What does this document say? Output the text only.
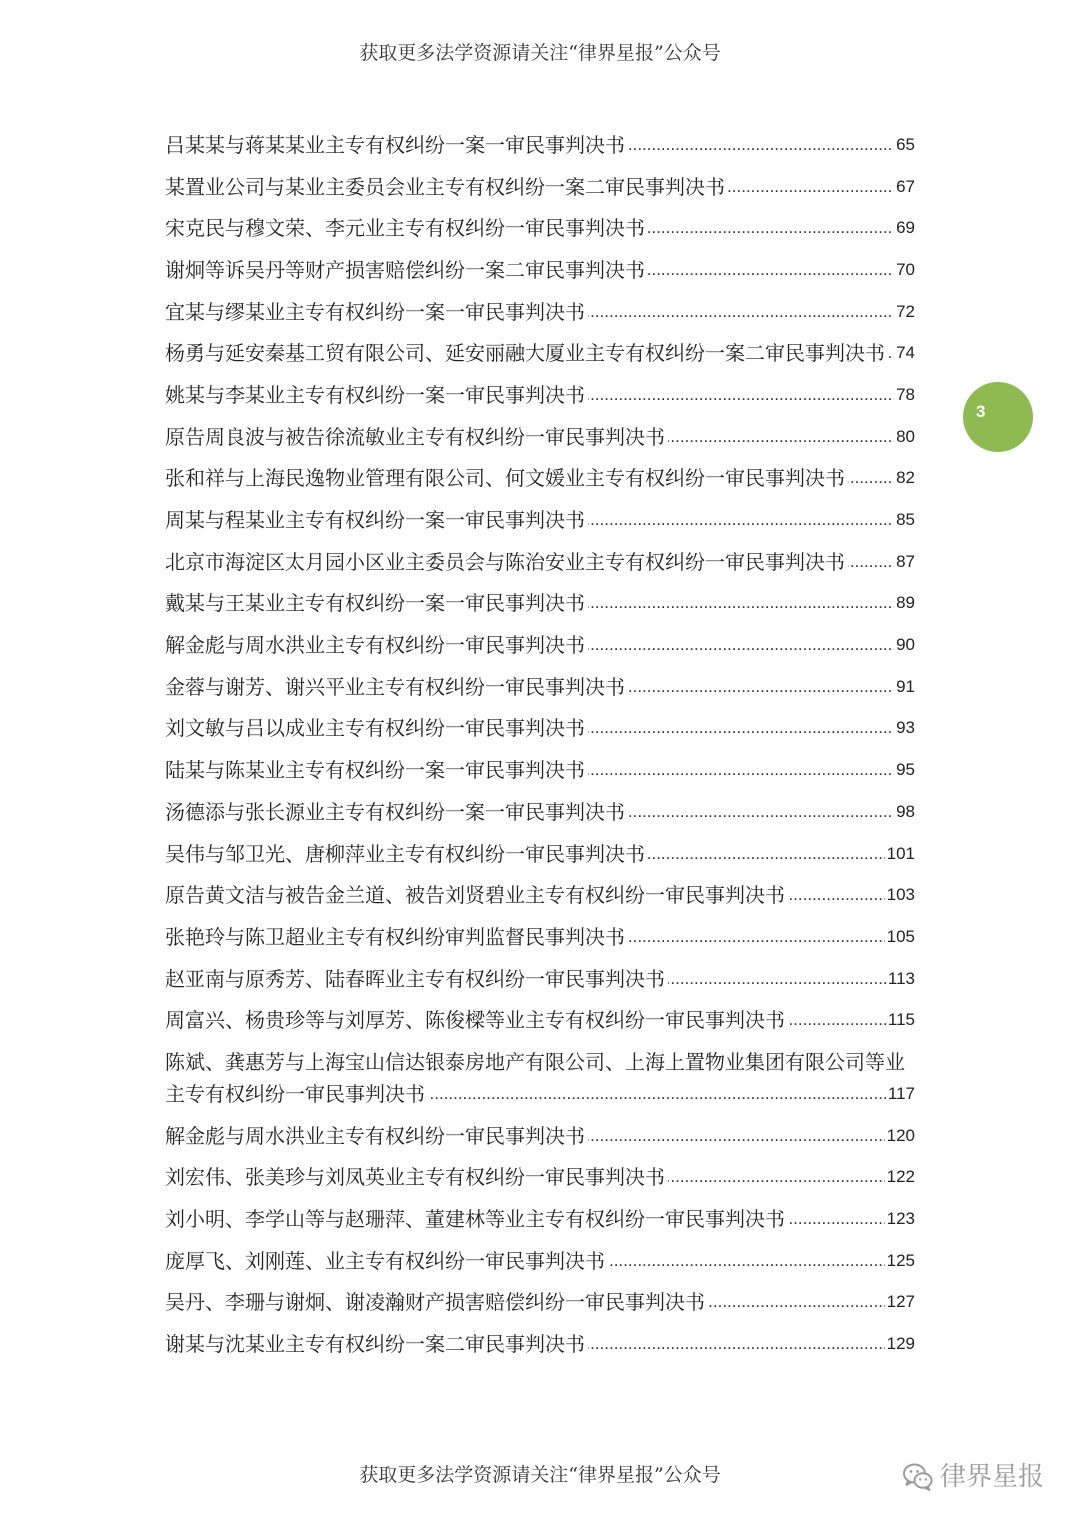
获取更多法学资源请关注“律界星报”公众号
.....
吕某某与蒋某某业主专有权纠纷一案一审民事判决书	65
.....
某置业公司与某业主委员会业主专有权纠纷一案二审民事判决书	67
.....
宋克民与穆文荣、李元业主专有权纠纷一审民事判决书	69
.....
谢炯等诉吴丹等财产损害赔偿纠纷一案二审民事判决书	70
.....
宜某与缪某业主专有权纠纷一案一审民事判决书	72
.....
杨勇与延安秦基工贸有限公司、延安丽融大厦业主专有权纠纷一案二审民事判决书 74
.....
姚某与李某业主专有权纠纷一案一审民事判决书	78
.....
原告周良波与被告徐流敏业主专有权纠纷一审民事判决书	80
.....
张和祥与上海民逸物业管理有限公司、何文媛业主专有权纠纷一审民事判决书	82
.....
周某与程某业主专有权纠纷一案一审民事判决书	85
.....
北京市海淀区太月园小区业主委员会与陈治安业主专有权纠纷一审民事判决书	87
.....
戴某与王某业主专有权纠纷一案一审民事判决书	89
.....
解金彪与周水洪业主专有权纠纷一审民事判决书	90
.....
金蓉与谢芳、谢兴平业主专有权纠纷一审民事判决书	91
.....
刘文敏与吕以成业主专有权纠纷一审民事判决书	93
.....
陆某与陈某业主专有权纠纷一案一审民事判决书	95
.....
汤德添与张长源业主专有权纠纷一案一审民事判决书	98
.....
吴伟与邹卫光、唐柳萍业主专有权纠纷一审民事判决书	101
.....
原告黄文洁与被告金兰道、被告刘贤碧业主专有权纠纷一审民事判决书	103
.....
张艳玲与陈卫超业主专有权纠纷审判监督民事判决书	105
.....
赵亚南与原秀芳、陆春晖业主专有权纠纷一审民事判决书	113
.....
周富兴、杨贵珍等与刘厚芳、陈俊樑等业主专有权纠纷一审民事判决书	115
.....
陈斌、龚惠芳与上海宝山信达银泰房地产有限公司、上海上置物业集团有限公司等业主专有权纠纷一审民事判决书	117
.....
解金彪与周水洪业主专有权纠纷一审民事判决书	120
.....
刘宏伟、张美珍与刘凤英业主专有权纠纷一审民事判决书	122
.....
刘小明、李学山等与赵珊萍、董建林等业主专有权纠纷一审民事判决书	123
.....
庞厚飞、刘刚莲、业主专有权纠纷一审民事判决书	125
.....
吴丹、李珊与谢炯、谢凌瀚财产损害赔偿纠纷一审民事判决书	127
.....
谢某与沈某业主专有权纠纷一案二审民事判决书	129
3
获取更多法学资源请关注“律界星报”公众号	律界星报
